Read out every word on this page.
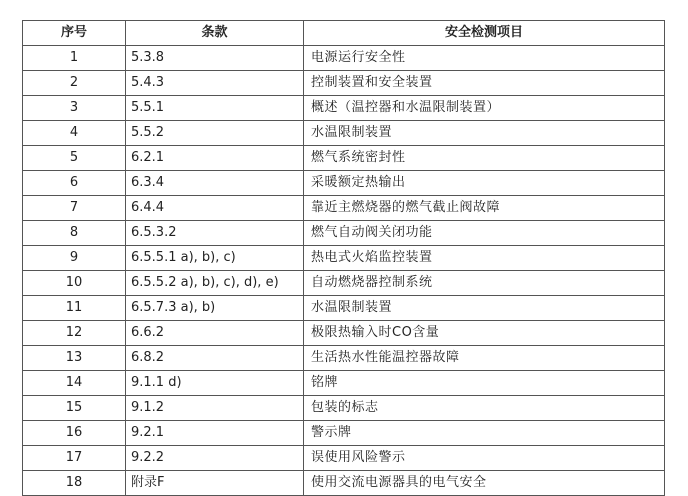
序号	条款	安全检测项目
1	5.3.8	电源运行安全性
2	5.4.3	控制装置和安全装置
3	5.5.1	概述（温控器和水温限制装置）
4	5.5.2	水温限制装置
5	6.2.1	燃气系统密封性
6	6.3.4	采暖额定热输出
7	6.4.4	靠近主燃烧器的燃气截止阀故障
8	6.5.3.2	燃气自动阀关闭功能
9	6.5.5.1 a), b), c)	热电式火焰监控装置
10	6.5.5.2 a), b), c), d), e)	自动燃烧器控制系统
11	6.5.7.3 a), b)	水温限制装置
12	6.6.2	极限热输入时CO含量
13	6.8.2	生活热水性能温控器故障
14	9.1.1 d)	铭牌
15	9.1.2	包装的标志
16	9.2.1	警示牌
17	9.2.2	误使用风险警示
18	附录F	使用交流电源器具的电气安全
